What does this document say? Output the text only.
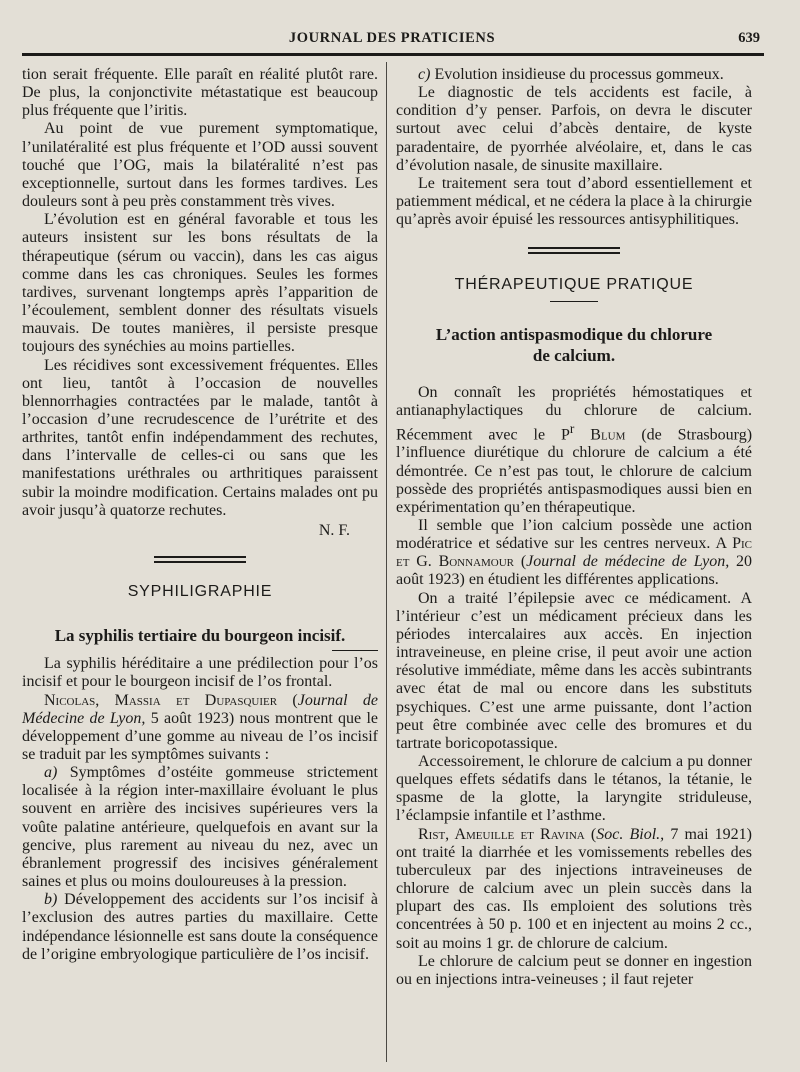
JOURNAL DES PRATICIENS	639

tion serait fréquente. Elle paraît en réalité plutôt rare. De plus, la conjonctivite métastatique est beaucoup plus fréquente que l’iritis.

Au point de vue purement symptomatique, l’unilatéralité est plus fréquente et l’OD aussi souvent touché que l’OG, mais la bilatéralité n’est pas exceptionnelle, surtout dans les formes tardives. Les douleurs sont à peu près constamment très vives.

L’évolution est en général favorable et tous les auteurs insistent sur les bons résultats de la thérapeutique (sérum ou vaccin), dans les cas aigus comme dans les cas chroniques. Seules les formes tardives, survenant longtemps après l’apparition de l’écoulement, semblent donner des résultats visuels mauvais. De toutes manières, il persiste presque toujours des synéchies au moins partielles.

Les récidives sont excessivement fréquentes. Elles ont lieu, tantôt à l’occasion de nouvelles blennorrhagies contractées par le malade, tantôt à l’occasion d’une recrudescence de l’urétrite et des arthrites, tantôt enfin indépendamment des rechutes, dans l’intervalle de celles-ci ou sans que les manifestations uréthrales ou arthritiques paraissent subir la moindre modification. Certains malades ont pu avoir jusqu’à quatorze rechutes.

N. F.

SYPHILIGRAPHIE
La syphilis tertiaire du bourgeon incisif.

La syphilis héréditaire a une prédilection pour l’os incisif et pour le bourgeon incisif de l’os frontal.

Nicolas, Massia et Dupasquier (Journal de Médecine de Lyon, 5 août 1923) nous montrent que le développement d’une gomme au niveau de l’os incisif se traduit par les symptômes suivants :

a) Symptômes d’ostéite gommeuse strictement localisée à la région inter-maxillaire évoluant le plus souvent en arrière des incisives supérieures vers la voûte palatine antérieure, quelquefois en avant sur la gencive, plus rarement au niveau du nez, avec un ébranlement progressif des incisives généralement saines et plus ou moins douloureuses à la pression.

b) Développement des accidents sur l’os incisif à l’exclusion des autres parties du maxillaire. Cette indépendance lésionnelle est sans doute la conséquence de l’origine embryologique particulière de l’os incisif.

c) Evolution insidieuse du processus gommeux.

Le diagnostic de tels accidents est facile, à condition d’y penser. Parfois, on devra le discuter surtout avec celui d’abcès dentaire, de kyste paradentaire, de pyorrhée alvéolaire, et, dans le cas d’évolution nasale, de sinusite maxillaire.

Le traitement sera tout d’abord essentiellement et patiemment médical, et ne cédera la place à la chirurgie qu’après avoir épuisé les ressources antisyphilitiques.

THÉRAPEUTIQUE PRATIQUE
L’action antispasmodique du chlorure
de calcium.

On connaît les propriétés hémostatiques et antianaphylactiques du chlorure de calcium. Récemment avec le $P^r$ Blum (de Strasbourg) l’influence diurétique du chlorure de calcium a été démontrée. Ce n’est pas tout, le chlorure de calcium possède des propriétés antispasmodiques aussi bien en expérimentation qu’en thérapeutique.

Il semble que l’ion calcium possède une action modératrice et sédative sur les centres nerveux. A Pic et G. Bonnamour (Journal de médecine de Lyon, 20 août 1923) en étudient les différentes applications.

On a traité l’épilepsie avec ce médicament. A l’intérieur c’est un médicament précieux dans les périodes intercalaires aux accès. En injection intraveineuse, en pleine crise, il peut avoir une action résolutive immédiate, même dans les accès subintrants avec état de mal ou encore dans les substituts psychiques. C’est une arme puissante, dont l’action peut être combinée avec celle des bromures et du tartrate boricopotassique.

Accessoirement, le chlorure de calcium a pu donner quelques effets sédatifs dans le tétanos, la tétanie, le spasme de la glotte, la laryngite striduleuse, l’éclampsie infantile et l’asthme.

Rist, Ameuille et Ravina (Soc. Biol., 7 mai 1921) ont traité la diarrhée et les vomissements rebelles des tuberculeux par des injections intraveineuses de chlorure de calcium avec un plein succès dans la plupart des cas. Ils emploient des solutions très concentrées à 50 p. 100 et en injectent au moins 2 cc., soit au moins 1 gr. de chlorure de calcium.

Le chlorure de calcium peut se donner en ingestion ou en injections intra-veineuses ; il faut rejeter
